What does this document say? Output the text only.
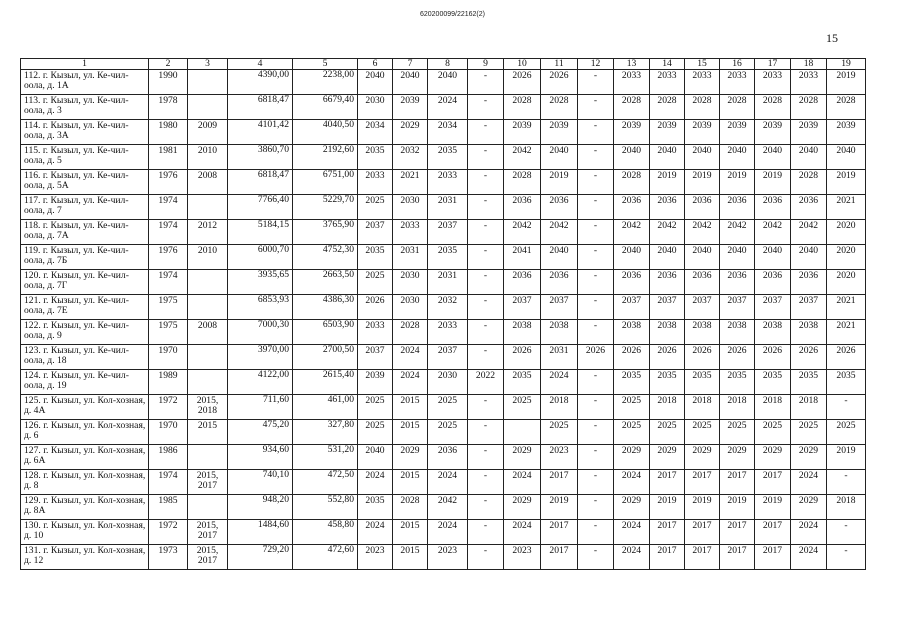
620200099/22162(2)
15
1	2	3	4	5	6	7	8	9	10	11	12	13	14	15	16	17	18	19
112. г. Кызыл, ул. Ке-чил-оола, д. 1А	1990		4390,00	2238,00	2040	2040	2040	-	2026	2026	-	2033	2033	2033	2033	2033	2033	2019
113. г. Кызыл, ул. Ке-чил-оола, д. 3	1978		6818,47	6679,40	2030	2039	2024	-	2028	2028	-	2028	2028	2028	2028	2028	2028	2028
114. г. Кызыл, ул. Ке-чил-оола, д. 3А	1980	2009	4101,42	4040,50	2034	2029	2034	-	2039	2039	-	2039	2039	2039	2039	2039	2039	2039
115. г. Кызыл, ул. Ке-чил-оола, д. 5	1981	2010	3860,70	2192,60	2035	2032	2035	-	2042	2040	-	2040	2040	2040	2040	2040	2040	2040
116. г. Кызыл, ул. Ке-чил-оола, д. 5А	1976	2008	6818,47	6751,00	2033	2021	2033	-	2028	2019	-	2028	2019	2019	2019	2019	2028	2019
117. г. Кызыл, ул. Ке-чил-оола, д. 7	1974		7766,40	5229,70	2025	2030	2031	-	2036	2036	-	2036	2036	2036	2036	2036	2036	2021
118. г. Кызыл, ул. Ке-чил-оола, д. 7А	1974	2012	5184,15	3765,90	2037	2033	2037	-	2042	2042	-	2042	2042	2042	2042	2042	2042	2020
119. г. Кызыл, ул. Ке-чил-оола, д. 7Б	1976	2010	6000,70	4752,30	2035	2031	2035	-	2041	2040	-	2040	2040	2040	2040	2040	2040	2020
120. г. Кызыл, ул. Ке-чил-оола, д. 7Г	1974		3935,65	2663,50	2025	2030	2031	-	2036	2036	-	2036	2036	2036	2036	2036	2036	2020
121. г. Кызыл, ул. Ке-чил-оола, д. 7Е	1975		6853,93	4386,30	2026	2030	2032	-	2037	2037	-	2037	2037	2037	2037	2037	2037	2021
122. г. Кызыл, ул. Ке-чил-оола, д. 9	1975	2008	7000,30	6503,90	2033	2028	2033	-	2038	2038	-	2038	2038	2038	2038	2038	2038	2021
123. г. Кызыл, ул. Ке-чил-оола, д. 18	1970		3970,00	2700,50	2037	2024	2037	-	2026	2031	2026	2026	2026	2026	2026	2026	2026	2026
124. г. Кызыл, ул. Ке-чил-оола, д. 19	1989		4122,00	2615,40	2039	2024	2030	2022	2035	2024	-	2035	2035	2035	2035	2035	2035	2035
125. г. Кызыл, ул. Кол-хозная, д. 4А	1972	2015, 2018	711,60	461,00	2025	2015	2025	-	2025	2018	-	2025	2018	2018	2018	2018	2018	-
126. г. Кызыл, ул. Кол-хозная, д. 6	1970	2015	475,20	327,80	2025	2015	2025	-		2025	-	2025	2025	2025	2025	2025	2025	2025
127. г. Кызыл, ул. Кол-хозная, д. 6А	1986		934,60	531,20	2040	2029	2036	-	2029	2023	-	2029	2029	2029	2029	2029	2029	2019
128. г. Кызыл, ул. Кол-хозная, д. 8	1974	2015, 2017	740,10	472,50	2024	2015	2024	-	2024	2017	-	2024	2017	2017	2017	2017	2024	-
129. г. Кызыл, ул. Кол-хозная, д. 8А	1985		948,20	552,80	2035	2028	2042	-	2029	2019	-	2029	2019	2019	2019	2019	2029	2018
130. г. Кызыл, ул. Кол-хозная, д. 10	1972	2015, 2017	1484,60	458,80	2024	2015	2024	-	2024	2017	-	2024	2017	2017	2017	2017	2024	-
131. г. Кызыл, ул. Кол-хозная, д. 12	1973	2015, 2017	729,20	472,60	2023	2015	2023	-	2023	2017	-	2024	2017	2017	2017	2017	2024	-
